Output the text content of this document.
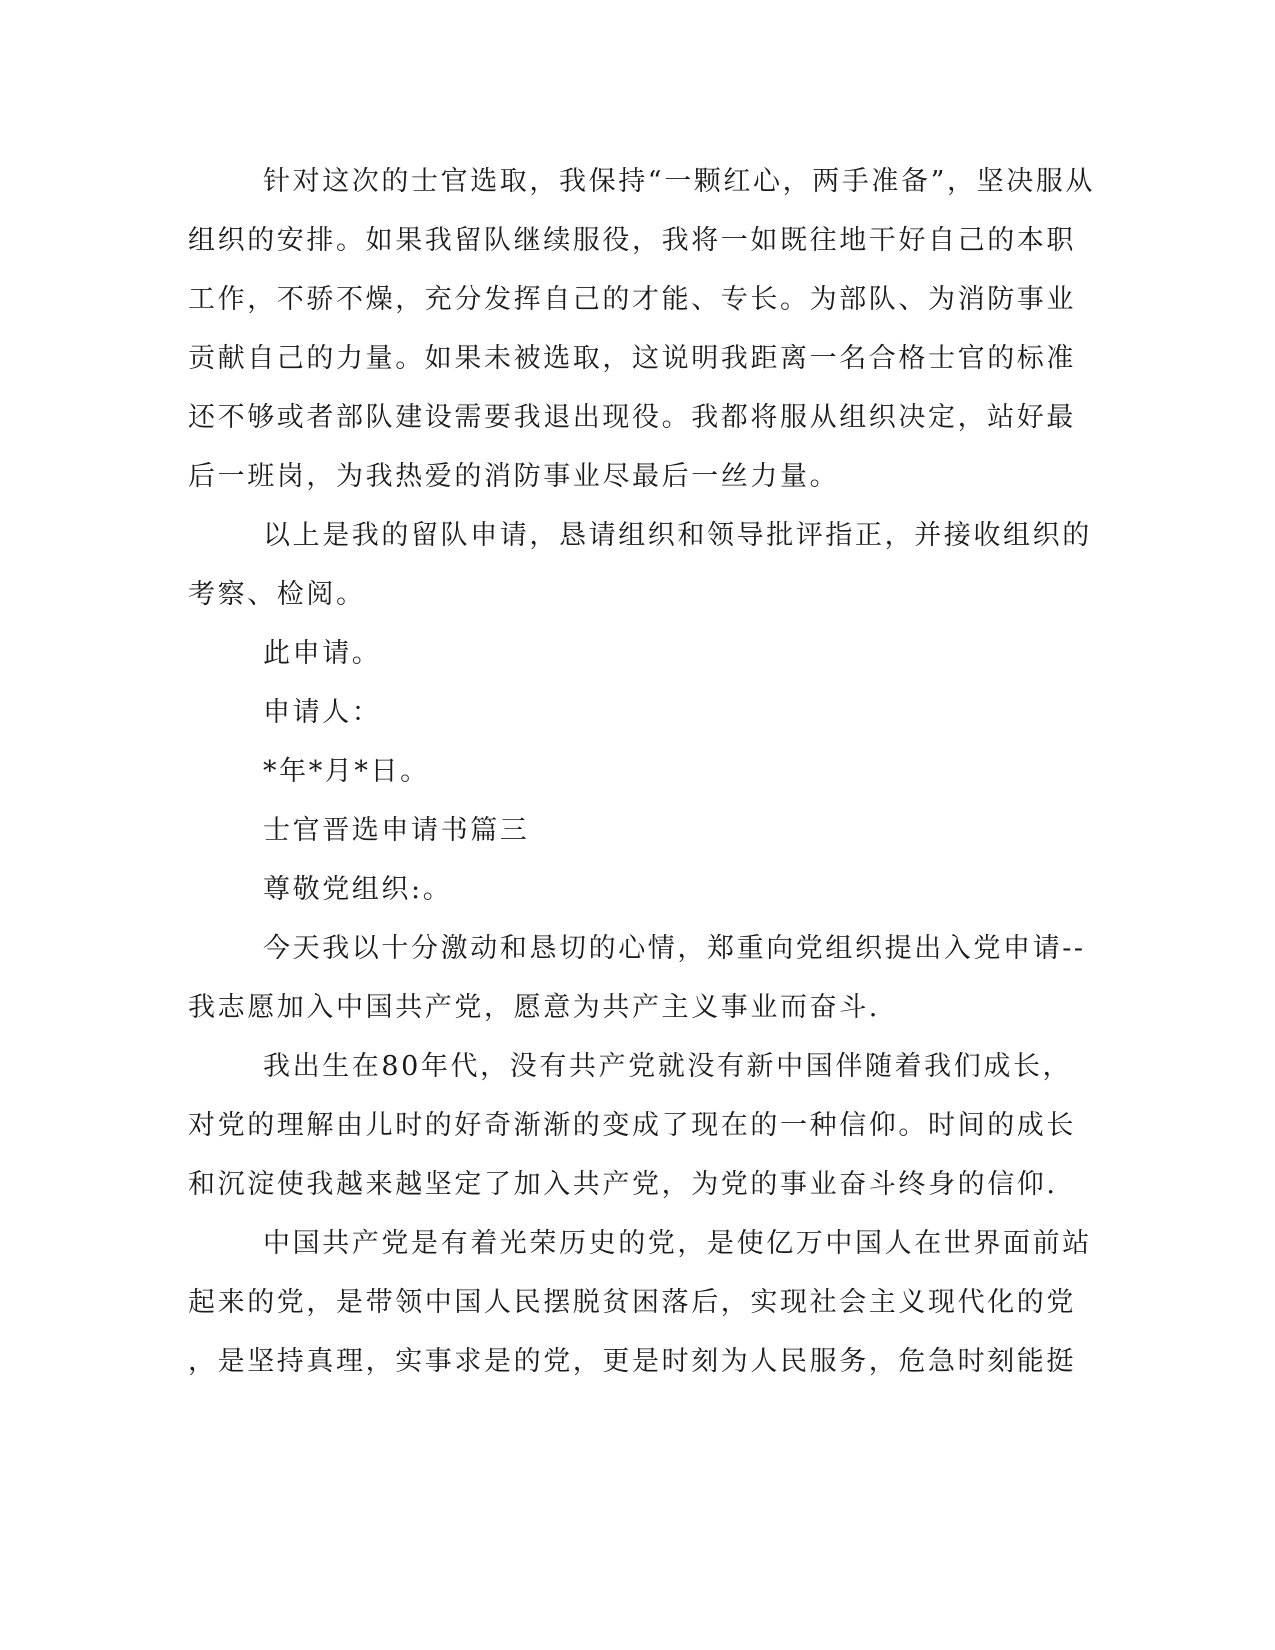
针对这次的士官选取，我保持“一颗红心，两手准备”，坚决服从
组织的安排。如果我留队继续服役，我将一如既往地干好自己的本职
工作，不骄不燥，充分发挥自己的才能、专长。为部队、为消防事业
贡献自己的力量。如果未被选取，这说明我距离一名合格士官的标准
还不够或者部队建设需要我退出现役。我都将服从组织决定，站好最
后一班岗，为我热爱的消防事业尽最后一丝力量。
以上是我的留队申请，恳请组织和领导批评指正，并接收组织的
考察、检阅。
此申请。
申请人：
*年*月*日。
士官晋选申请书篇三
尊敬党组织:。
今天我以十分激动和恳切的心情，郑重向党组织提出入党申请--
我志愿加入中国共产党，愿意为共产主义事业而奋斗.
我出生在80年代，没有共产党就没有新中国伴随着我们成长，
对党的理解由儿时的好奇渐渐的变成了现在的一种信仰。时间的成长
和沉淀使我越来越坚定了加入共产党，为党的事业奋斗终身的信仰.
中国共产党是有着光荣历史的党，是使亿万中国人在世界面前站
起来的党，是带领中国人民摆脱贫困落后，实现社会主义现代化的党
，是坚持真理，实事求是的党，更是时刻为人民服务，危急时刻能挺
